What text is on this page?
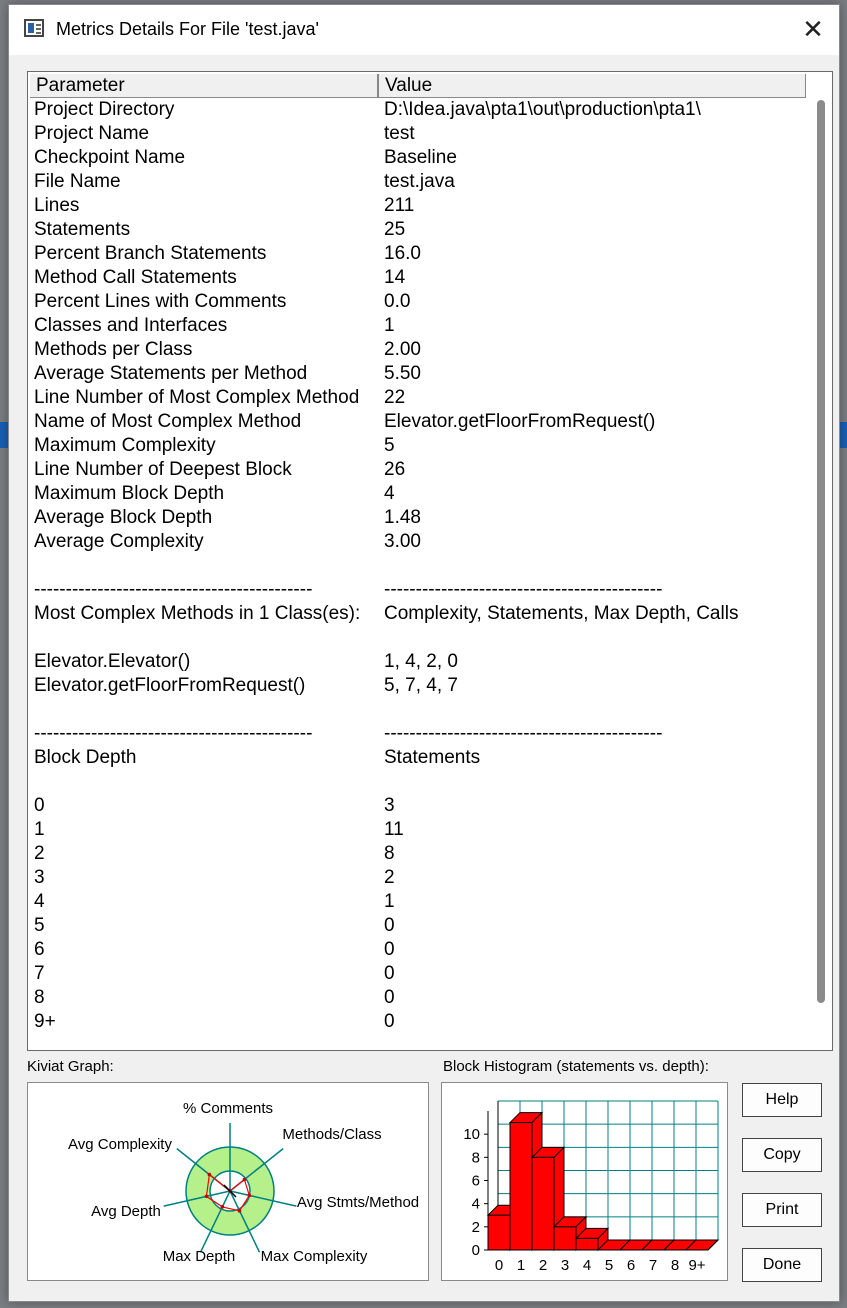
Metrics Details For File 'test.java'	✕
Parameter	Value
Project Directory	D:\Idea.java\pta1\out\production\pta1\
Project Name	test
Checkpoint Name	Baseline
File Name	test.java
Lines	211
Statements	25
Percent Branch Statements	16.0
Method Call Statements	14
Percent Lines with Comments	0.0
Classes and Interfaces	1
Methods per Class	2.00
Average Statements per Method	5.50
Line Number of Most Complex Method 22
Name of Most Complex Method	Elevator.getFloorFromRequest()
Maximum Complexity	5
Line Number of Deepest Block	26
Maximum Block Depth	4
Average Block Depth	1.48
Average Complexity	3.00
--------------------------------------------	--------------------------------------------
Most Complex Methods in 1 Class(es): Complexity, Statements, Max Depth, Calls
Elevator.Elevator()	1, 4, 2, 0
Elevator.getFloorFromRequest()	5, 7, 4, 7
--------------------------------------------	--------------------------------------------
Block Depth	Statements
0	3
1	11
2	8
3	2
4	1
5	0
6	0
7	0
8	0
9+	0
Kiviat Graph:	Block Histogram (statements vs. depth):
% Comments
Methods/Class
Avg Stmts/Method
Max Complexity
Max Depth
Avg Depth
Avg Complexity
0
2
4
6
8
10
0 1 2 3 4 5 6 7 8 9+
Help
Copy
Print
Done
